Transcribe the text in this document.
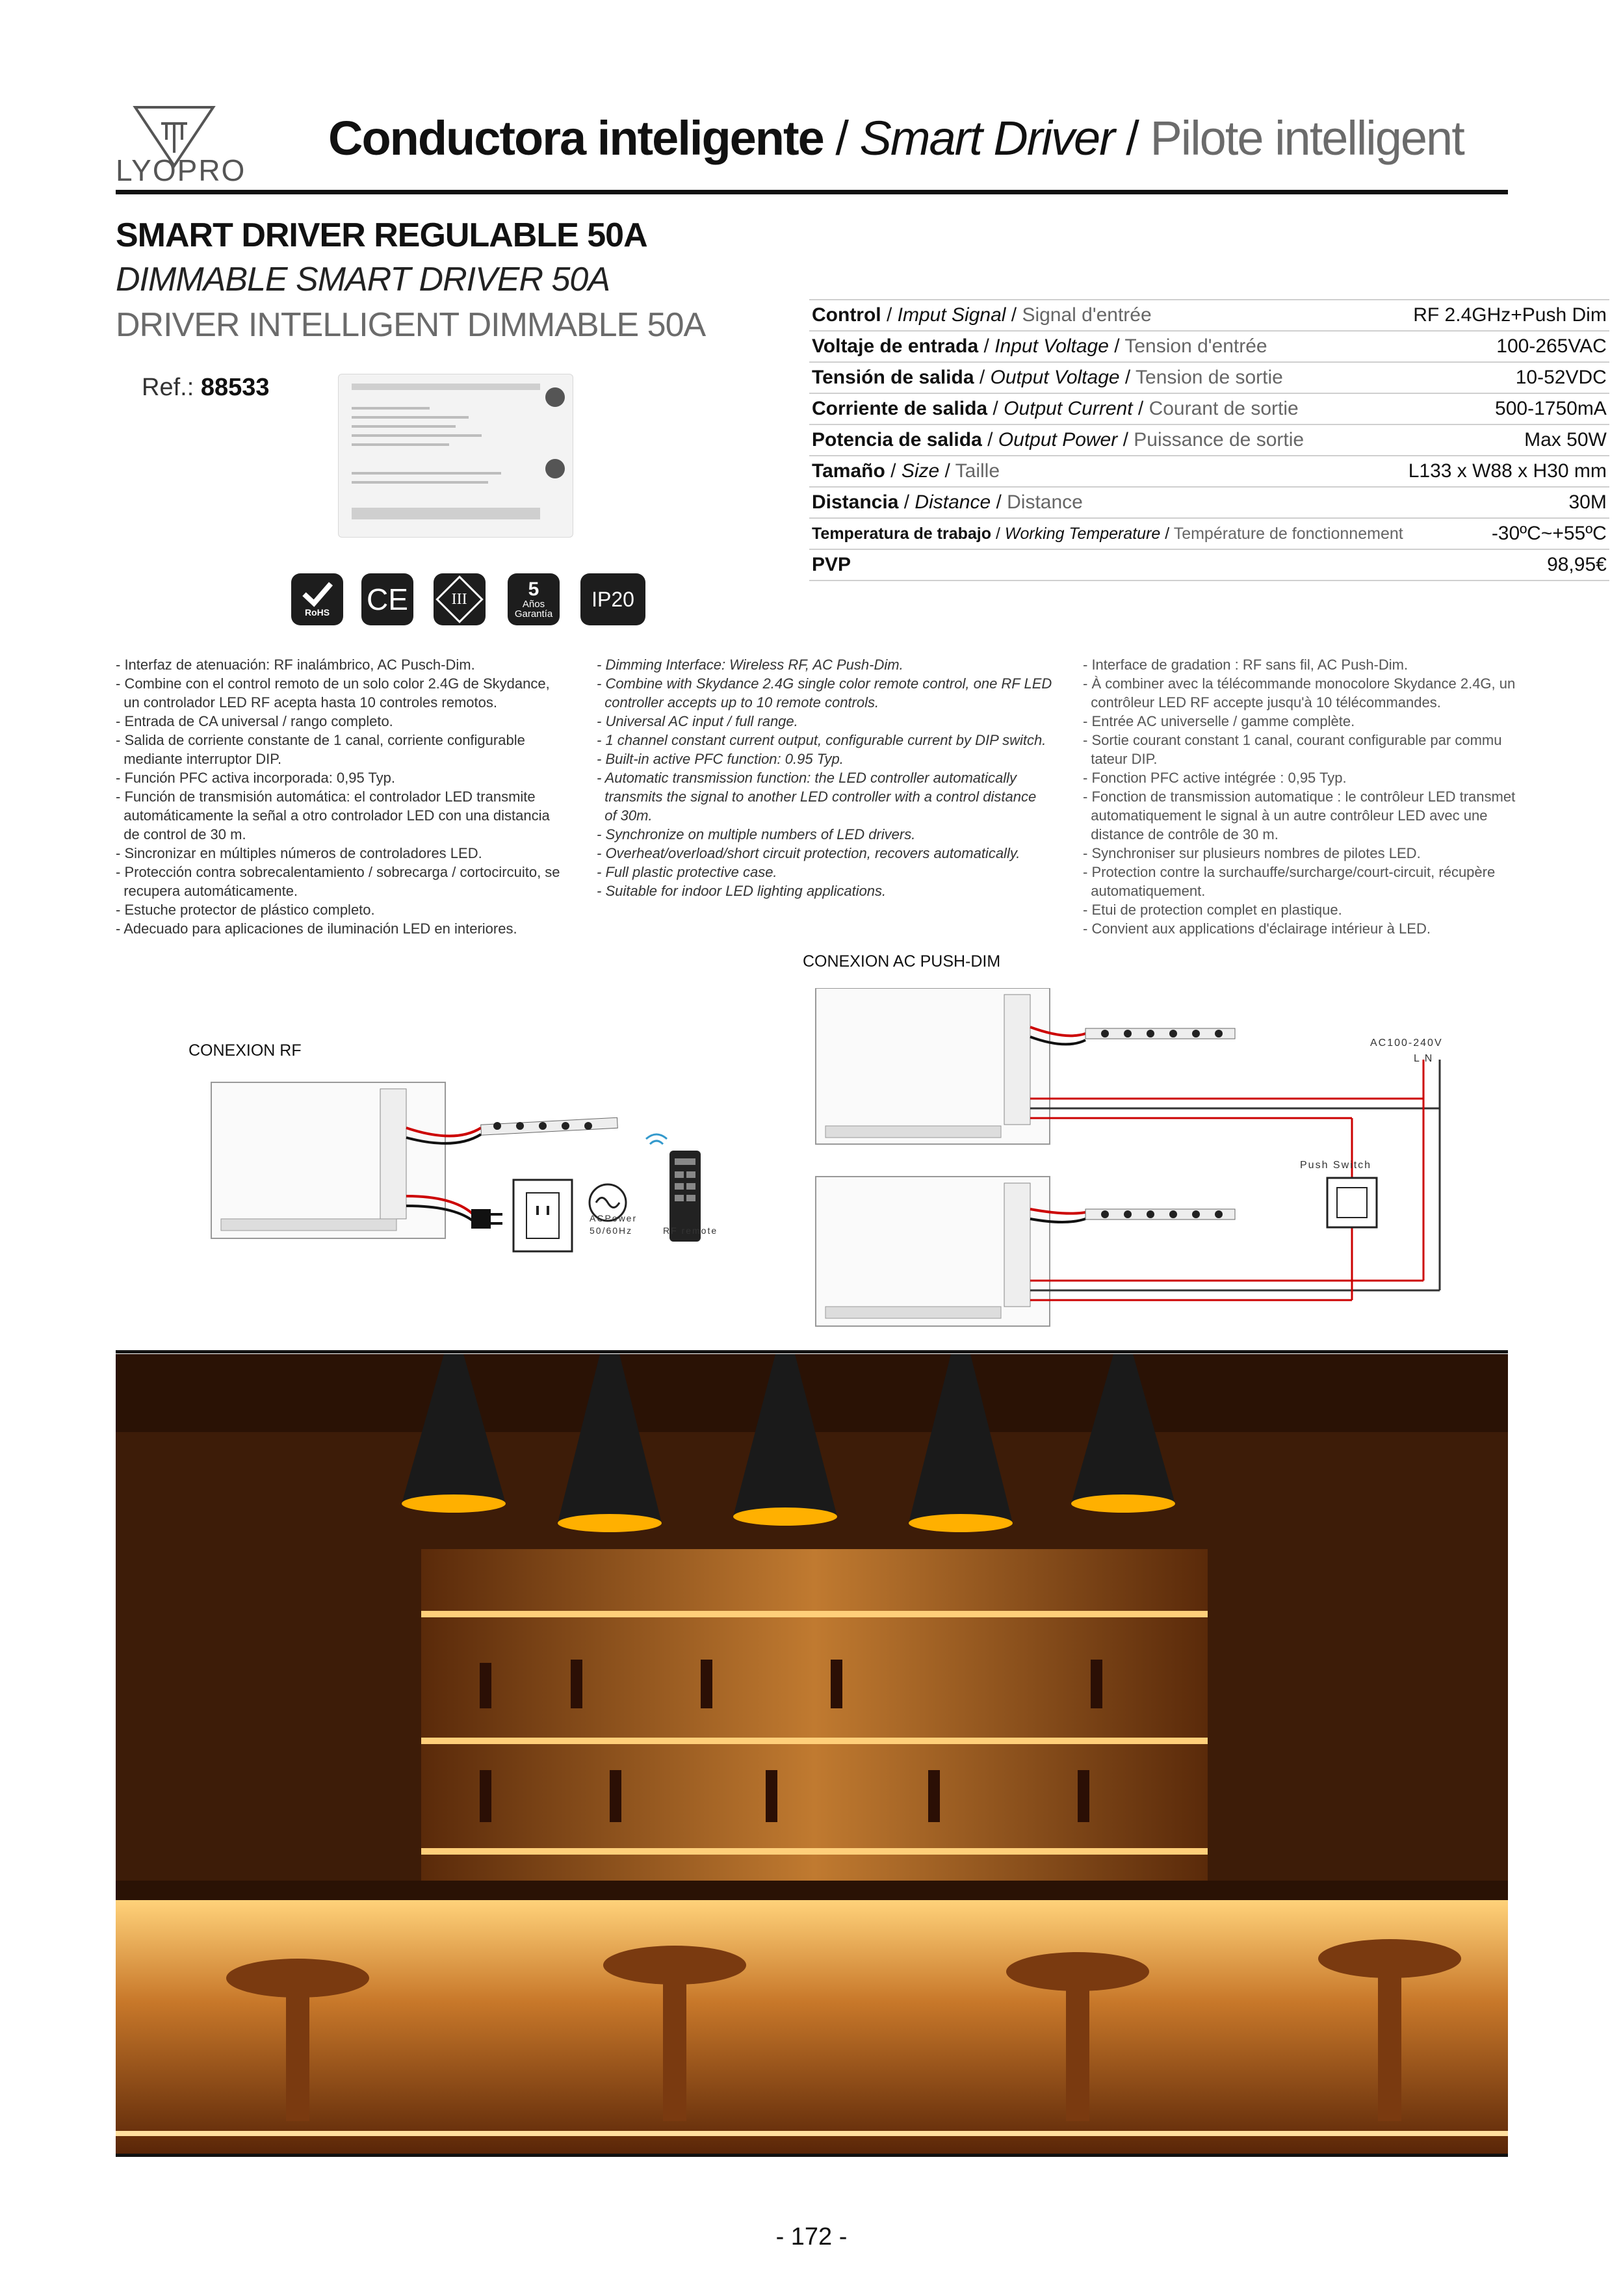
LYOPRO
Conductora inteligente / Smart Driver / Pilote intelligent
SMART DRIVER REGULABLE 50A
DIMMABLE SMART DRIVER 50A
DRIVER INTELLIGENT DIMMABLE 50A
Ref.: 88533
Control / Imput Signal / Signal d'entrée	RF 2.4GHz+Push Dim
Voltaje de entrada / Input Voltage / Tension d'entrée	100-265VAC
Tensión de salida / Output Voltage / Tension de sortie	10-52VDC
Corriente de salida / Output Current / Courant de sortie	500-1750mA
Potencia de salida / Output Power / Puissance de sortie	Max 50W
Tamaño / Size / Taille	L133 x W88 x H30 mm
Distancia / Distance / Distance	30M
Temperatura de trabajo / Working Temperature / Température de fonctionnement	-30ºC~+55ºC
PVP	98,95€
RoHS CE	III	5
Años
Garantía
IP20
- Interfaz de atenuación: RF inalámbrico, AC Pusch-Dim.
- Combine con el control remoto de un solo color 2.4G de Skydance,
un controlador LED RF acepta hasta 10 controles remotos.
- Entrada de CA universal / rango completo.
- Salida de corriente constante de 1 canal, corriente configurable
mediante interruptor DIP.
- Función PFC activa incorporada: 0,95 Typ.
- Función de transmisión automática: el controlador LED transmite
automáticamente la señal a otro controlador LED con una distancia
de control de 30 m.
- Sincronizar en múltiples números de controladores LED.
- Protección contra sobrecalentamiento / sobrecarga / cortocircuito, se
recupera automáticamente.
- Estuche protector de plástico completo.
- Adecuado para aplicaciones de iluminación LED en interiores.
- Dimming Interface: Wireless RF, AC Push-Dim.
- Combine with Skydance 2.4G single color remote control, one RF LED
controller accepts up to 10 remote controls.
- Universal AC input / full range.
- 1 channel constant current output, configurable current by DIP switch.
- Built-in active PFC function: 0.95 Typ.
- Automatic transmission function: the LED controller automatically
transmits the signal to another LED controller with a control distance
of 30m.
- Synchronize on multiple numbers of LED drivers.
- Overheat/overload/short circuit protection, recovers automatically.
- Full plastic protective case.
- Suitable for indoor LED lighting applications.
- Interface de gradation : RF sans fil, AC Push-Dim.
- À combiner avec la télécommande monocolore Skydance 2.4G, un
contrôleur LED RF accepte jusqu'à 10 télécommandes.
- Entrée AC universelle / gamme complète.
- Sortie courant constant 1 canal, courant configurable par commu
tateur DIP.
- Fonction PFC active intégrée : 0,95 Typ.
- Fonction de transmission automatique : le contrôleur LED transmet
automatiquement le signal à un autre contrôleur LED avec une
distance de contrôle de 30 m.
- Synchroniser sur plusieurs nombres de pilotes LED.
- Protection contre la surchauffe/surcharge/court-circuit, récupère
automatiquement.
- Etui de protection complet en plastique.
- Convient aux applications d'éclairage intérieur à LED.
CONEXION AC PUSH-DIM
CONEXION RF
ACPower
50/60Hz	RF remote
AC100-240V
L N
Push Switch
- 172 -
